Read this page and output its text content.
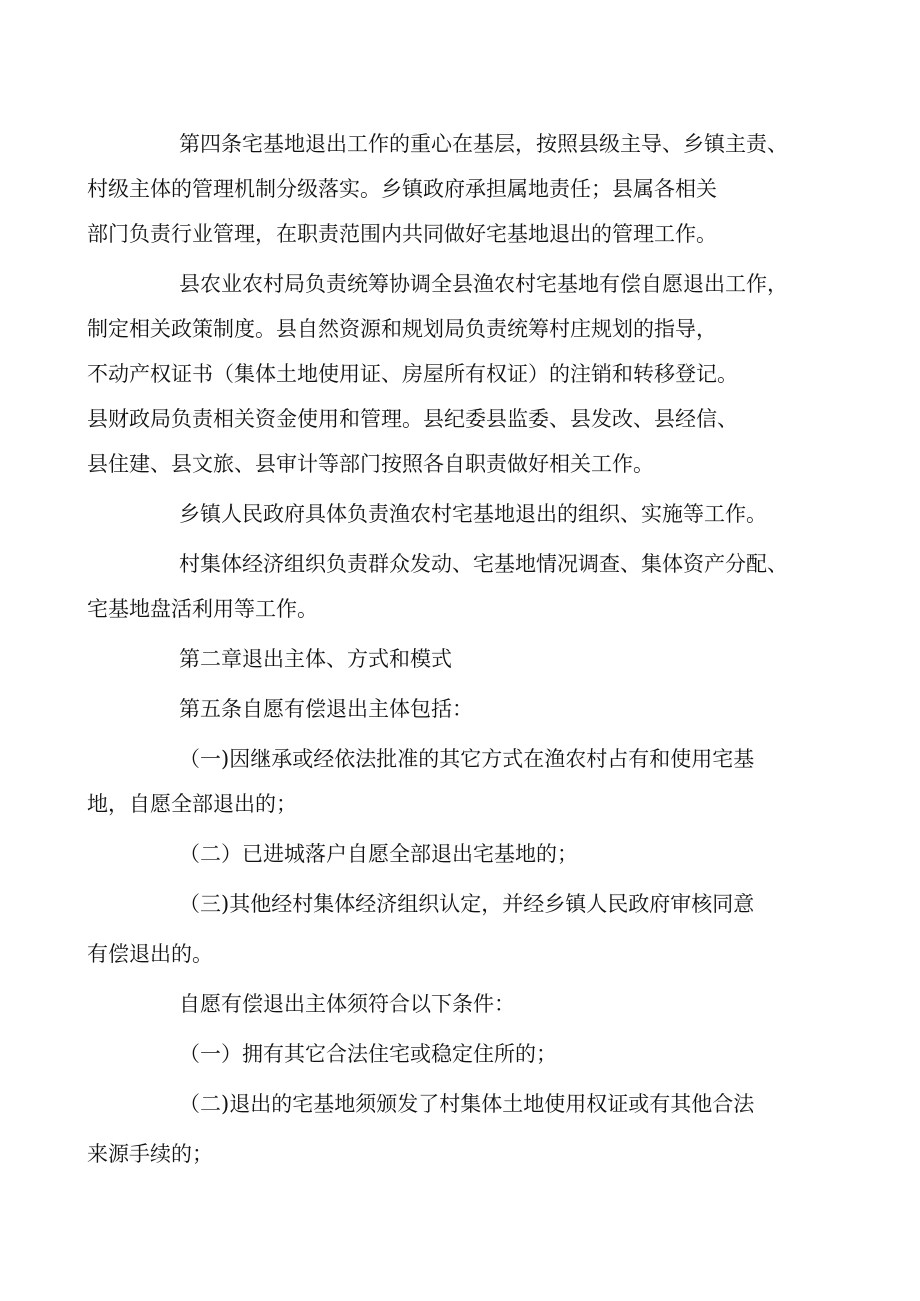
第四条宅基地退出工作的重心在基层，按照县级主导、乡镇主责、
村级主体的管理机制分级落实。乡镇政府承担属地责任；县属各相关
部门负责行业管理，在职责范围内共同做好宅基地退出的管理工作。
县农业农村局负责统筹协调全县渔农村宅基地有偿自愿退出工作，
制定相关政策制度。县自然资源和规划局负责统筹村庄规划的指导，
不动产权证书（集体土地使用证、房屋所有权证）的注销和转移登记。
县财政局负责相关资金使用和管理。县纪委县监委、县发改、县经信、
县住建、县文旅、县审计等部门按照各自职责做好相关工作。
乡镇人民政府具体负责渔农村宅基地退出的组织、实施等工作。
村集体经济组织负责群众发动、宅基地情况调查、集体资产分配、
宅基地盘活利用等工作。
第二章退出主体、方式和模式
第五条自愿有偿退出主体包括：
（一)因继承或经依法批准的其它方式在渔农村占有和使用宅基
地，自愿全部退出的；
（二）已进城落户自愿全部退出宅基地的；
（三)其他经村集体经济组织认定，并经乡镇人民政府审核同意
有偿退出的。
自愿有偿退出主体须符合以下条件：
（一）拥有其它合法住宅或稳定住所的；
（二)退出的宅基地须颁发了村集体土地使用权证或有其他合法
来源手续的；
